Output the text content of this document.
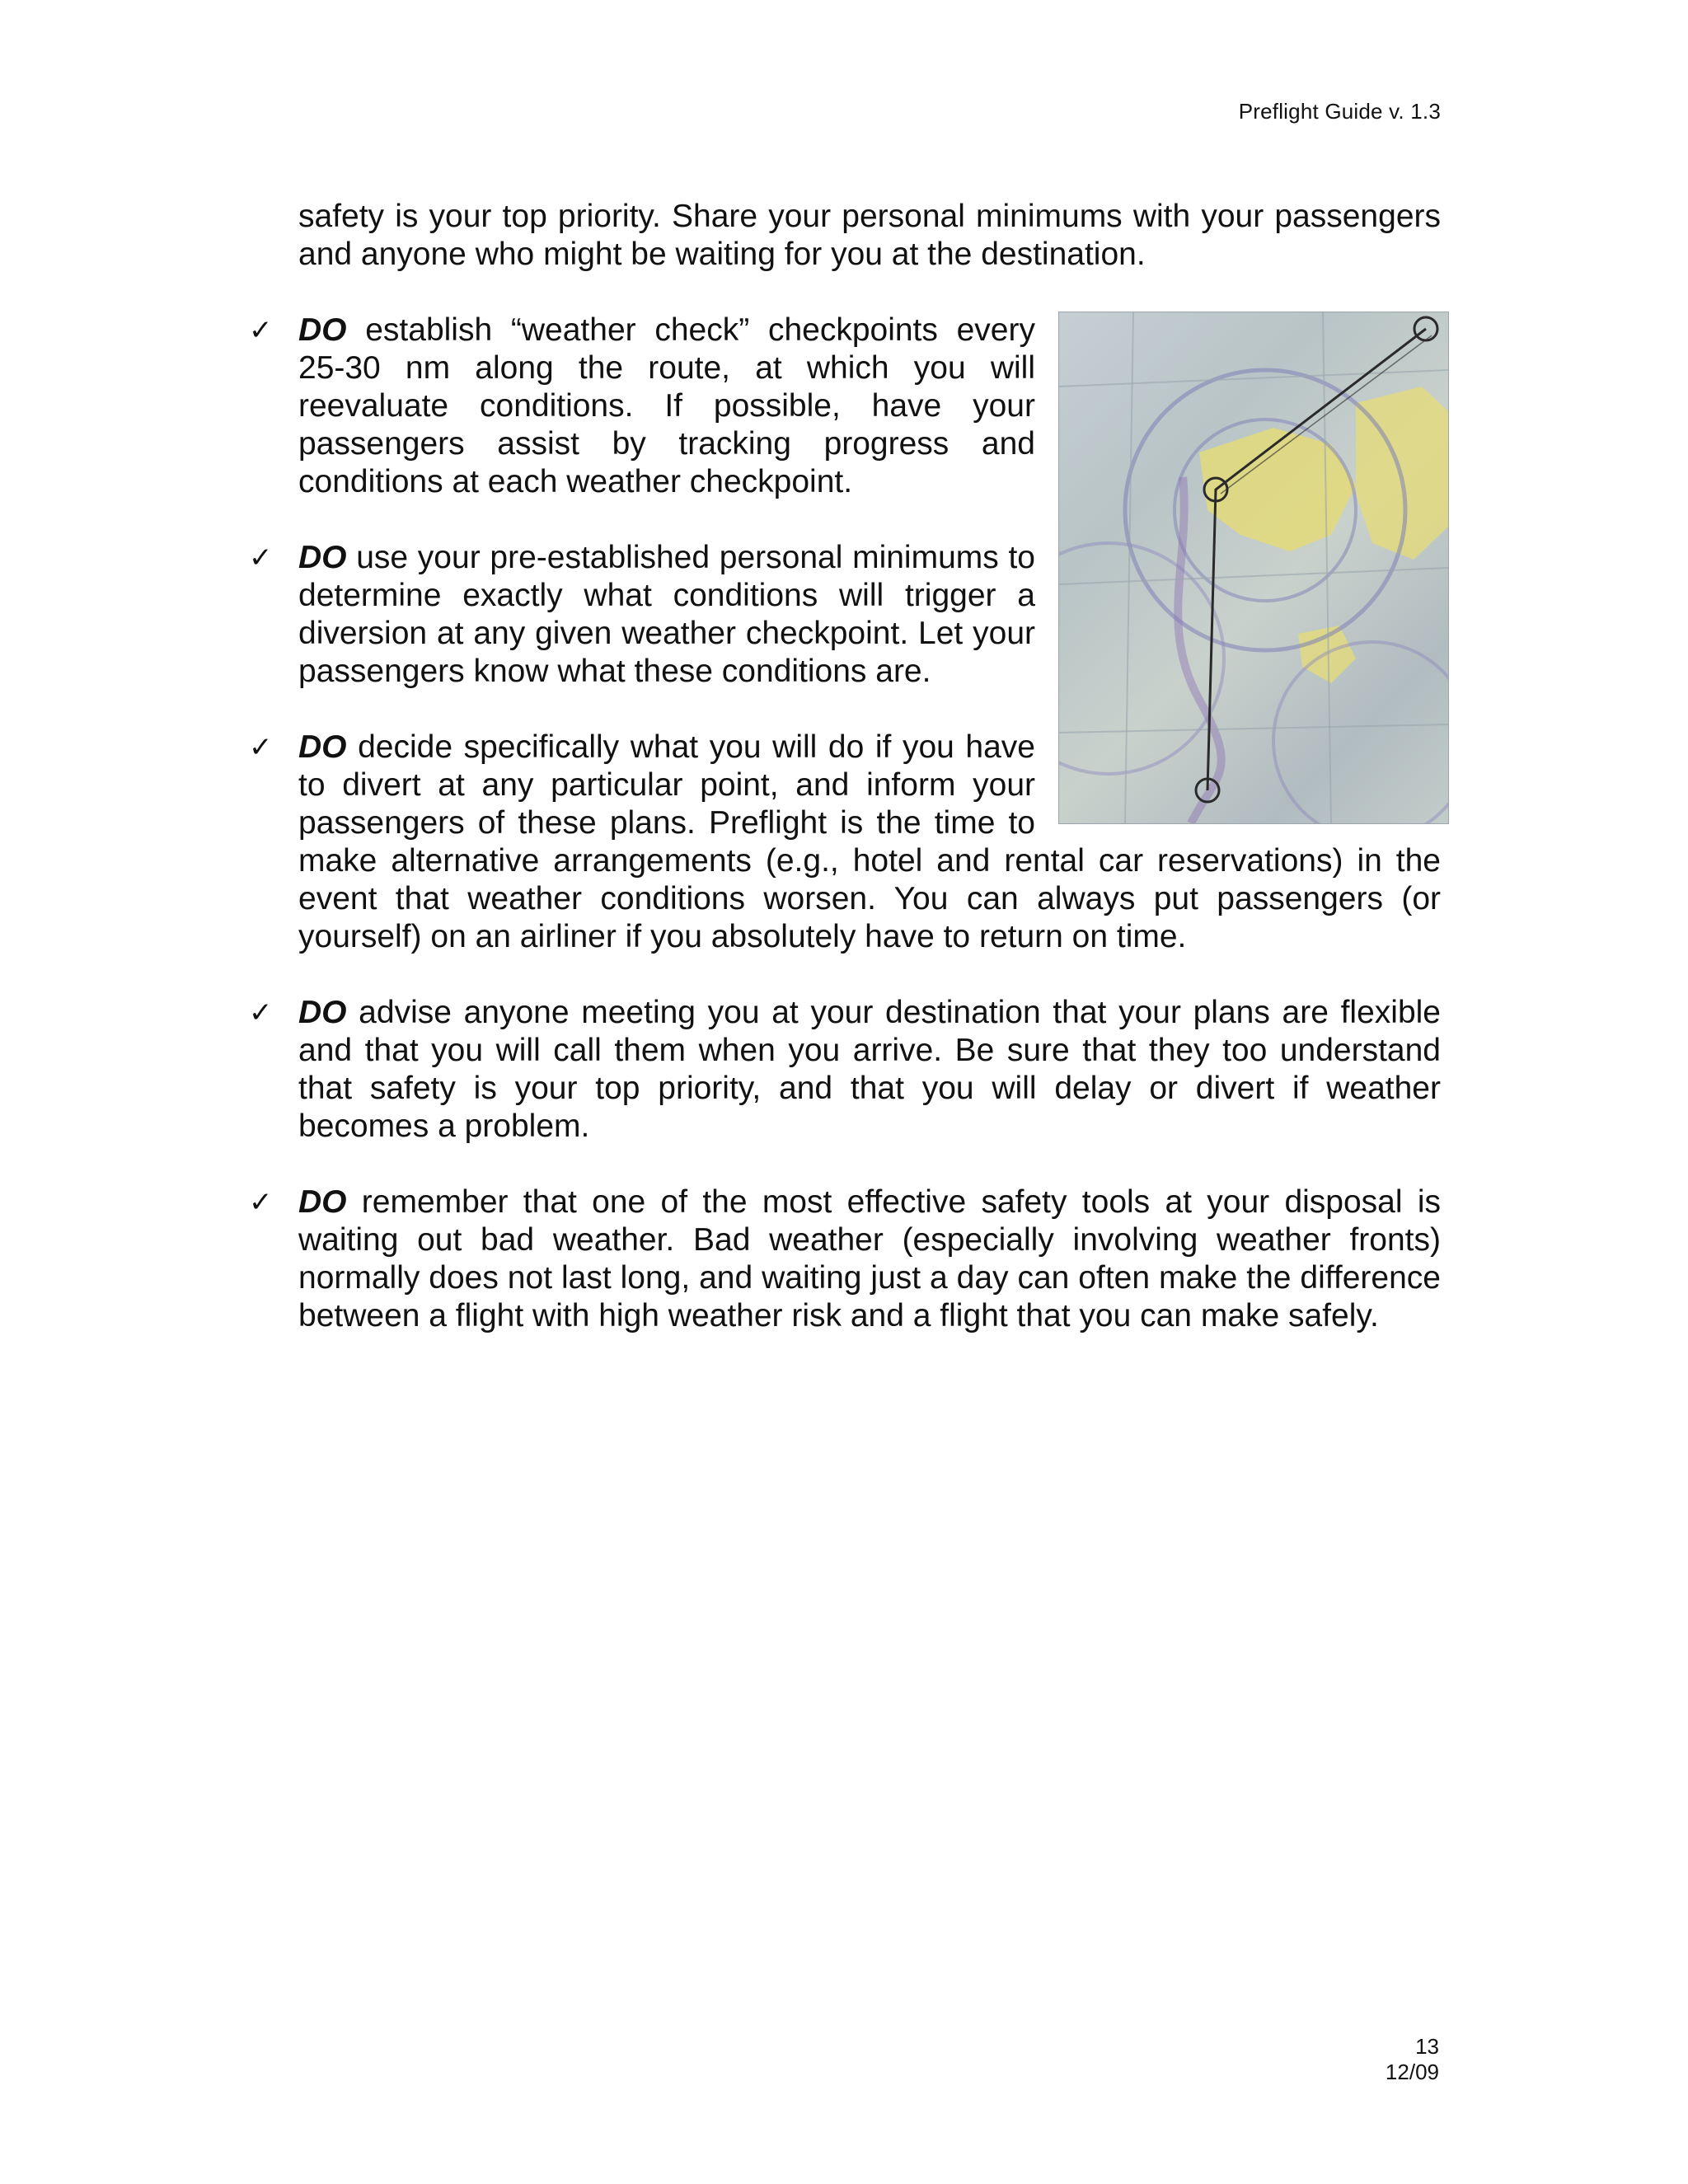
Preflight Guide v. 1.3

safety is your top priority. Share your personal minimums with your passengers and anyone who might be waiting for you at the destination.

✓ DO establish “weather check” checkpoints every 25-30 nm along the route, at which you will reevaluate conditions. If possible, have your passengers assist by tracking progress and conditions at each weather checkpoint.
✓ DO use your pre-established personal minimums to determine exactly what conditions will trigger a diversion at any given weather checkpoint. Let your passengers know what these conditions are.
✓ DO decide specifically what you will do if you have to divert at any particular point, and inform your passengers of these plans. Preflight is the time to make alternative arrangements (e.g., hotel and rental car reservations) in the event that weather conditions worsen. You can always put passengers (or yourself) on an airliner if you absolutely have to return on time.
✓ DO advise anyone meeting you at your destination that your plans are flexible and that you will call them when you arrive. Be sure that they too understand that safety is your top priority, and that you will delay or divert if weather becomes a problem.
✓ DO remember that one of the most effective safety tools at your disposal is waiting out bad weather. Bad weather (especially involving weather fronts) normally does not last long, and waiting just a day can often make the difference between a flight with high weather risk and a flight that you can make safely.
13
12/09
